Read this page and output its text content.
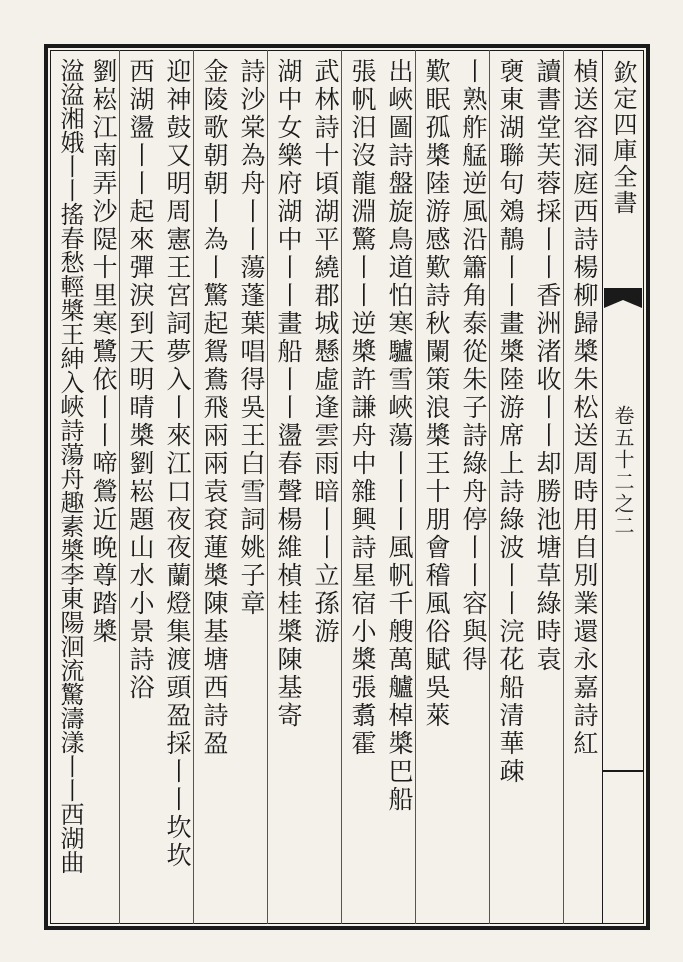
欽定四庫全書
卷五十二之二
楨送容洞庭西詩楊柳歸槳朱松送周時用自別業還永嘉詩紅
讀書堂芙蓉採丨丨香洲渚收丨丨却勝池塘草綠時袁
褏東湖聯句鵁鶄丨丨畫槳陸游席上詩綠波丨丨浣花船清華疎
丨熟舴艋逆風沿簫角泰從朱子詩綠舟停丨丨容與得
歎眠孤槳陸游感歎詩秋闌策浪槳王十朋會稽風俗賦吳萊
出峽圖詩盤旋鳥道怕寒驢雪峽蕩丨丨丨風帆千艘萬艫棹槳巴船
張帆汨沒龍淵驚丨丨逆槳許謙舟中雜興詩星宿小槳張翥霍
武林詩十頃湖平繞郡城懸虛逢雲雨暗丨丨立孫游
湖中女樂府湖中丨丨畫船丨丨盪春聲楊維楨桂槳陳基寄
詩沙棠為舟丨丨蕩蓬葉唱得吳王白雪詞姚子章
金陵歌朝朝丨為丨驚起鴛鴦飛兩兩袁袞蓮槳陳基塘西詩盈
迎神鼓又明周憲王宮詞夢入丨來江口夜夜蘭燈集渡頭盈採丨丨坎坎
西湖盪丨丨起來彈淚到天明晴槳劉崧題山水小景詩浴
劉崧江南弄沙隄十里寒鷺依丨丨啼鶯近晚尊踏槳
湓湓湘娥丨丨搖春愁輕槳王紳入峽詩蕩舟趣素槳李東陽洄流驚濤漾丨丨西湖曲
